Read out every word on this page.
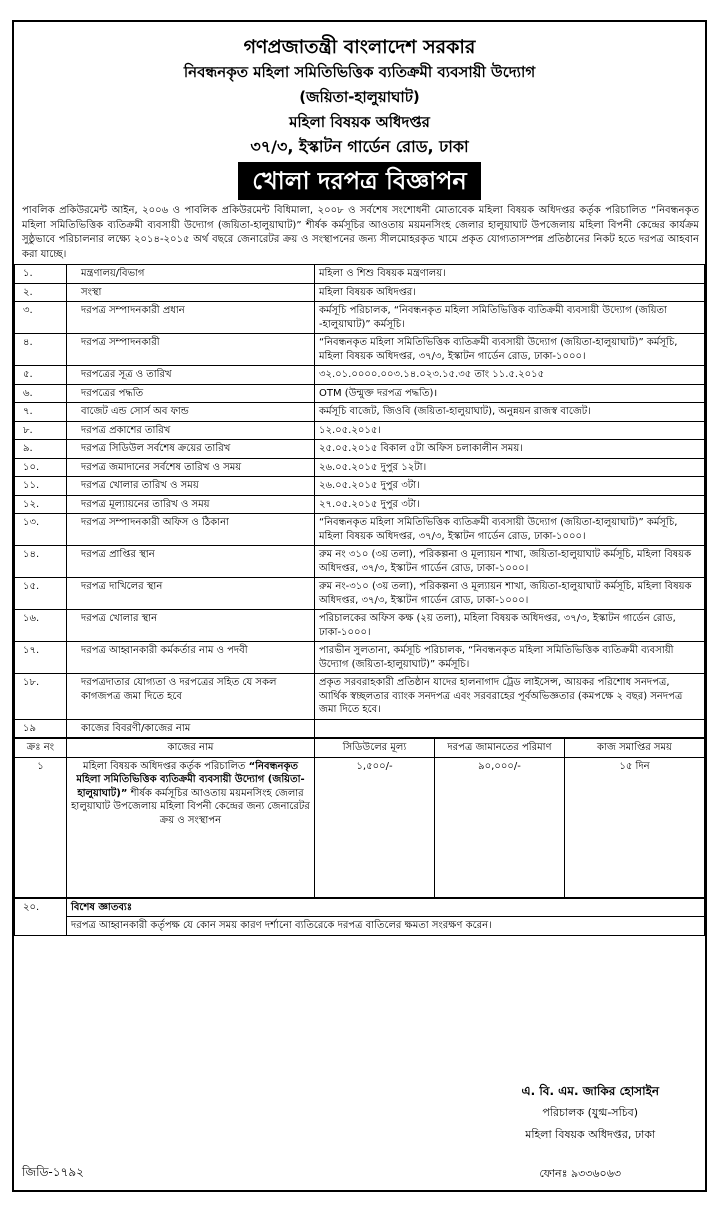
গণপ্রজাতন্ত্রী বাংলাদেশ সরকার
নিবন্ধনকৃত মহিলা সমিতিভিত্তিক ব্যতিক্রমী ব্যবসায়ী উদ্যোগ
(জয়িতা-হালুয়াঘাট)
মহিলা বিষয়ক অধিদপ্তর
৩৭/৩, ইস্কাটন গার্ডেন রোড, ঢাকা
খোলা দরপত্র বিজ্ঞাপন
পাবলিক প্রকিউরমেন্ট আইন, ২০০৬ ও পাবলিক প্রকিউরমেন্ট বিধিমালা, ২০০৮ ও সর্বশেষ সংশোধনী মোতাবেক মহিলা বিষয়ক অধিদপ্তর কর্তৃক পরিচালিত “নিবন্ধনকৃত মহিলা সমিতিভিত্তিক ব্যতিক্রমী ব্যবসায়ী উদ্যোগ (জয়িতা-হালুয়াঘাট)” শীর্ষক কর্মসূচির আওতায় ময়মনসিংহ জেলার হালুয়াঘাট উপজেলায় মহিলা বিপনী কেন্দ্রের কার্যক্রম সুষ্ঠুভাবে পরিচালনার লক্ষ্যে ২০১৪-২০১৫ অর্থ বছরে জেনারেটর ক্রয় ও সংস্থাপনের জন্য সীলমোহরকৃত খামে প্রকৃত যোগ্যতাসম্পন্ন প্রতিষ্ঠানের নিকট হতে দরপত্র আহবান করা যাচ্ছে।
১.	মন্ত্রণালয়/বিভাগ	মহিলা ও শিশু বিষয়ক মন্ত্রণালয়।
২.	সংস্থা	মহিলা বিষয়ক অধিদপ্তর।
৩.	দরপত্র সম্পাদনকারী প্রধান	কর্মসূচি পরিচালক, “নিবন্ধনকৃত মহিলা সমিতিভিত্তিক ব্যতিক্রমী ব্যবসায়ী উদ্যোগ (জয়িতা -হালুয়াঘাট)” কর্মসূচি।
৪.	দরপত্র সম্পাদনকারী	“নিবন্ধনকৃত মহিলা সমিতিভিত্তিক ব্যতিক্রমী ব্যবসায়ী উদ্যোগ (জয়িতা-হালুয়াঘাট)” কর্মসূচি, মহিলা বিষয়ক অধিদপ্তর, ৩৭/৩, ইস্কাটন গার্ডেন রোড, ঢাকা-১০০০।
৫.	দরপত্রের সূত্র ও তারিখ	৩২.০১.০০০০.০০৩.১৪.০২৩.১৫.৩৫ তাং ১১.৫.২০১৫
৬.	দরপত্রের পদ্ধতি	OTM (উন্মুক্ত দরপত্র পদ্ধতি)।
৭.	বাজেট এন্ড সোর্স অব ফান্ড	কর্মসূচি বাজেট, জিওবি (জয়িতা-হালুয়াঘাট), অনুন্নয়ন রাজস্ব বাজেট।
৮.	দরপত্র প্রকাশের তারিখ	১২.০৫.২০১৫।
৯.	দরপত্র সিডিউল সর্বশেষ ক্রয়ের তারিখ	২৫.০৫.২০১৫ বিকাল ৫টা অফিস চলাকালীন সময়।
১০.	দরপত্র জমাদানের সর্বশেষ তারিখ ও সময়	২৬.০৫.২০১৫ দুপুর ১২টা।
১১.	দরপত্র খোলার তারিখ ও সময়	২৬.০৫.২০১৫ দুপুর ৩টা।
১২.	দরপত্র মূল্যায়নের তারিখ ও সময়	২৭.০৫.২০১৫ দুপুর ৩টা।
১৩.	দরপত্র সম্পাদনকারী অফিস ও ঠিকানা	“নিবন্ধনকৃত মহিলা সমিতিভিত্তিক ব্যতিক্রমী ব্যবসায়ী উদ্যোগ (জয়িতা-হালুয়াঘাট)” কর্মসূচি, মহিলা বিষয়ক অধিদপ্তর, ৩৭/৩, ইস্কাটন গার্ডেন রোড, ঢাকা-১০০০।
১৪.	দরপত্র প্রাপ্তির স্থান	রুম নং ৩১০ (৩য় তলা), পরিকল্পনা ও মূল্যায়ন শাখা, জয়িতা-হালুয়াঘাট কর্মসূচি, মহিলা বিষয়ক অধিদপ্তর, ৩৭/৩, ইস্কাটন গার্ডেন রোড, ঢাকা-১০০০।
১৫.	দরপত্র দাখিলের স্থান	রুম নং-৩১০ (৩য় তলা), পরিকল্পনা ও মূল্যায়ন শাখা, জয়িতা-হালুয়াঘাট কর্মসূচি, মহিলা বিষয়ক অধিদপ্তর, ৩৭/৩, ইস্কাটন গার্ডেন রোড, ঢাকা-১০০০।
১৬.	দরপত্র খোলার স্থান	পরিচালকের অফিস কক্ষ (২য় তলা), মহিলা বিষয়ক অধিদপ্তর, ৩৭/৩, ইস্কাটন গার্ডেন রোড, ঢাকা-১০০০।
১৭.	দরপত্র আহ্বানকারী কর্মকর্তার নাম ও পদবী	পারভীন সুলতানা, কর্মসূচি পরিচালক, “নিবন্ধনকৃত মহিলা সমিতিভিত্তিক ব্যতিক্রমী ব্যবসায়ী উদ্যোগ (জয়িতা-হালুয়াঘাট)” কর্মসূচি।
১৮.	দরপত্রদাতার যোগ্যতা ও দরপত্রের সহিত যে সকল কাগজপত্র জমা দিতে হবে	প্রকৃত সরবরাহকারী প্রতিষ্ঠান যাদের হালনাগাদ ট্রেড লাইসেন্স, আয়কর পরিশোধ সনদপত্র, আর্থিক স্বচ্ছলতার ব্যাংক সনদপত্র এবং সরবরাহের পূর্বঅভিজ্ঞতার (কমপক্ষে ২ বছর) সনদপত্র জমা দিতে হবে।
১৯	কাজের বিবরণী/কাজের নাম	
ক্রঃ নং	কাজের নাম	সিডিউলের মূল্য	দরপত্র জামানতের পরিমাণ	কাজ সমাপ্তির সময়
১	মহিলা বিষয়ক অধিদপ্তর কর্তৃক পরিচালিত “নিবন্ধনকৃত মহিলা সমিতিভিত্তিক ব্যতিক্রমী ব্যবসায়ী উদ্যোগ (জয়িতা-হালুয়াঘাট)” শীর্ষক কর্মসূচির আওতায় ময়মনসিংহ জেলার হালুয়াঘাট উপজেলায় মহিলা বিপনী কেন্দ্রের জন্য জেনারেটর ক্রয় ও সংস্থাপন	১,৫০০/-	৯০,০০০/-	১৫ দিন
২০.	বিশেষ জ্ঞাতব্যঃ
দরপত্র আহ্বানকারী কর্তৃপক্ষ যে কোন সময় কারণ দর্শানো ব্যতিরেকে দরপত্র বাতিলের ক্ষমতা সংরক্ষণ করেন।
জিডি-১৭৯২	ফোনঃ ৯৩৩৬০৬৩
এ. বি. এম. জাকির হোসাইন
পরিচালক (যুগ্ম-সচিব)
মহিলা বিষয়ক অধিদপ্তর, ঢাকা
